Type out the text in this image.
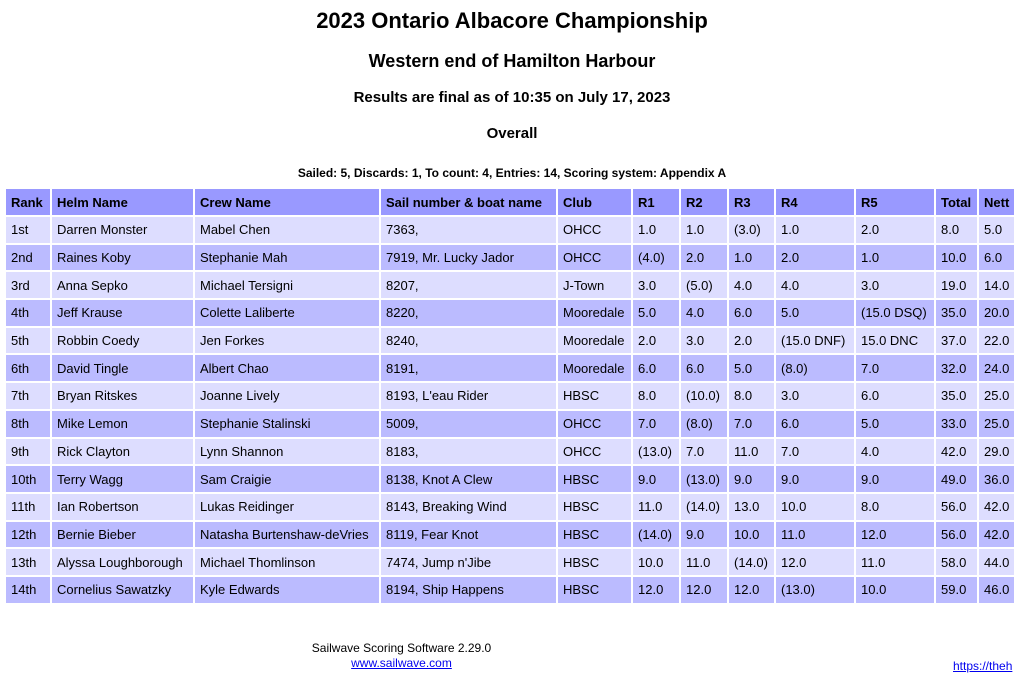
2023 Ontario Albacore Championship
Western end of Hamilton Harbour
Results are final as of 10:35 on July 17, 2023
Overall
Sailed: 5, Discards: 1, To count: 4, Entries: 14, Scoring system: Appendix A
Rank	Helm Name	Crew Name	Sail number & boat name	Club	R1	R2	R3	R4	R5	Total	Nett
1st	Darren Monster	Mabel Chen	7363,	OHCC	1.0	1.0	(3.0)	1.0	2.0	8.0	5.0
2nd	Raines Koby	Stephanie Mah	7919, Mr. Lucky Jador	OHCC	(4.0)	2.0	1.0	2.0	1.0	10.0	6.0
3rd	Anna Sepko	Michael Tersigni	8207,	J-Town	3.0	(5.0)	4.0	4.0	3.0	19.0	14.0
4th	Jeff Krause	Colette Laliberte	8220,	Mooredale	5.0	4.0	6.0	5.0	(15.0 DSQ)	35.0	20.0
5th	Robbin Coedy	Jen Forkes	8240,	Mooredale	2.0	3.0	2.0	(15.0 DNF)	15.0 DNC	37.0	22.0
6th	David Tingle	Albert Chao	8191,	Mooredale	6.0	6.0	5.0	(8.0)	7.0	32.0	24.0
7th	Bryan Ritskes	Joanne Lively	8193, L'eau Rider	HBSC	8.0	(10.0)	8.0	3.0	6.0	35.0	25.0
8th	Mike Lemon	Stephanie Stalinski	5009,	OHCC	7.0	(8.0)	7.0	6.0	5.0	33.0	25.0
9th	Rick Clayton	Lynn Shannon	8183,	OHCC	(13.0)	7.0	11.0	7.0	4.0	42.0	29.0
10th	Terry Wagg	Sam Craigie	8138, Knot A Clew	HBSC	9.0	(13.0)	9.0	9.0	9.0	49.0	36.0
11th	Ian Robertson	Lukas Reidinger	8143, Breaking Wind	HBSC	11.0	(14.0)	13.0	10.0	8.0	56.0	42.0
12th	Bernie Bieber	Natasha Burtenshaw-deVries	8119, Fear Knot	HBSC	(14.0)	9.0	10.0	11.0	12.0	56.0	42.0
13th	Alyssa Loughborough	Michael Thomlinson	7474, Jump n'Jibe	HBSC	10.0	11.0	(14.0)	12.0	11.0	58.0	44.0
14th	Cornelius Sawatzky	Kyle Edwards	8194, Ship Happens	HBSC	12.0	12.0	12.0	(13.0)	10.0	59.0	46.0
Sailwave Scoring Software 2.29.0
www.sailwave.com	https://theh
